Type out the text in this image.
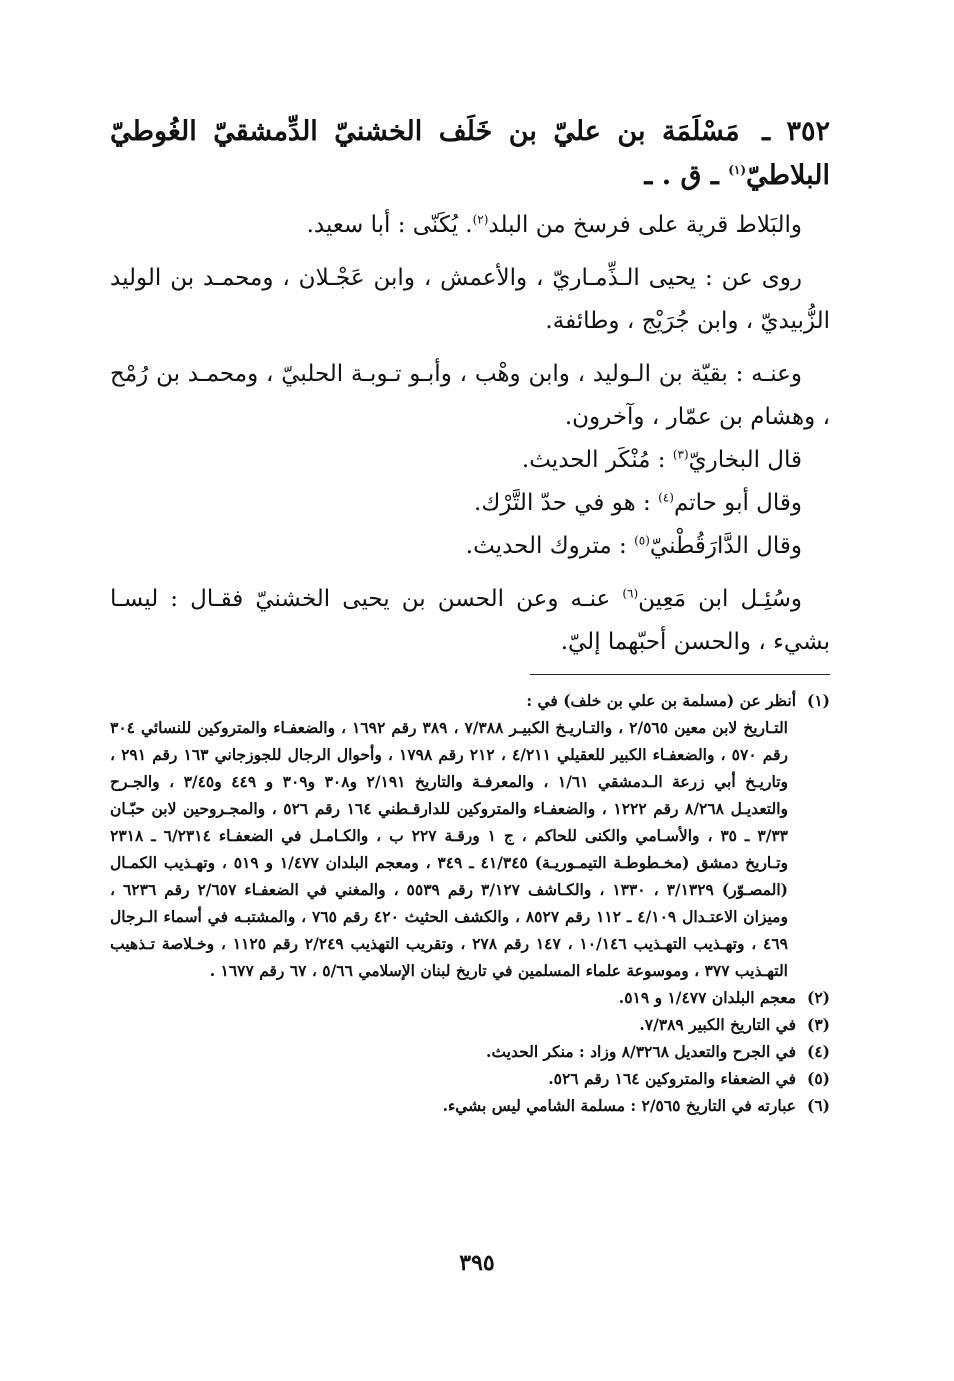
٣٥٢ ـ مَسْلَمَة بن عليّ بن خَلَف الخشنيّ الدِّمشقيّ الغُوطيّ البلاطيّ$^{(١)}$ ـ ق . ـ
والبَلاط قرية على فرسخ من البلد$^{(٢)}$. يُكَنّى : أبا سعيد.
روى عن : يحيى الـذِّمـاريّ ، والأعمش ، وابن عَجْـلان ، ومحمـد بن الوليد الزُّبيديّ ، وابن جُرَيْج ، وطائفة.
وعنـه : بقيّة بن الـوليد ، وابن وهْب ، وأبـو تـوبـة الحلبيّ ، ومحمـد بن رُمْح ، وهشام بن عمّار ، وآخرون.
قال البخاريّ$^{(٣)}$ : مُنْكَر الحديث.
وقال أبو حاتم$^{(٤)}$ : هو في حدّ التَّرْك.
وقال الدَّارَقُطْنيّ$^{(٥)}$ : متروك الحديث.
وسُئِـل ابن مَعِين$^{(٦)}$ عنـه وعن الحسن بن يحيى الخشنيّ فقـال : ليسـا بشيء ، والحسن أحبّهما إليّ.
(١)
أنظر عن (مسلمة بن علي بن خلف) في :
التـاريخ لابن معين ٢/٥٦٥ ، والتـاريـخ الكبيـر ٧/٣٨٨ ، ٣٨٩ رقم ١٦٩٢ ، والضعفـاء والمتروكين للنسائي ٣٠٤ رقم ٥٧٠ ، والضعفـاء الكبير للعقيلي ٤/٢١١ ، ٢١٢ رقم ١٧٩٨ ، وأحوال الرجال للجوزجاني ١٦٣ رقم ٢٩١ ، وتاريـخ أبي زرعة الـدمشقي ١/٦١ ، والمعرفـة والتاريخ ٢/١٩١ و٣٠٨ و٣٠٩ و ٤٤٩ و٣/٤٥ ، والجـرح والتعديـل ٨/٢٦٨ رقم ١٢٢٢ ، والضعفـاء والمتروكين للدارقـطني ١٦٤ رقم ٥٢٦ ، والمجـروحين لابن حبّـان ٣/٣٣ ـ ٣٥ ، والأسـامي والكنى للحاكم ، ج ١ ورقـة ٢٢٧ ب ، والكـامـل في الضعفـاء ٦/٢٣١٤ ـ ٢٣١٨ وتـاريخ دمشق (مخـطوطـة التيمـوريـة) ٤١/٣٤٥ ـ ٣٤٩ ، ومعجم البلدان ١/٤٧٧ و ٥١٩ ، وتهـذيب الكمـال (المصـوّر) ٣/١٣٢٩ ، ١٣٣٠ ، والكـاشف ٣/١٢٧ رقم ٥٥٣٩ ، والمغني في الضعفـاء ٢/٦٥٧ رقم ٦٢٣٦ ، وميزان الاعتـدال ٤/١٠٩ ـ ١١٢ رقم ٨٥٢٧ ، والكشف الحثيث ٤٢٠ رقم ٧٦٥ ، والمشتبـه في أسماء الـرجال ٤٦٩ ، وتهـذيب التهـذيب ١٠/١٤٦ ، ١٤٧ رقم ٢٧٨ ، وتقريب التهذيب ٢/٢٤٩ رقم ١١٢٥ ، وخـلاصة تـذهيب التهـذيب ٣٧٧ ، وموسوعة علماء المسلمين في تاريخ لبنان الإسلامي ٥/٦٦ ، ٦٧ رقم ١٦٧٧ .
(٢)
معجم البلدان ١/٤٧٧ و ٥١٩.
(٣)
في التاريخ الكبير ٧/٣٨٩.
(٤)
في الجرح والتعديل ٨/٣٢٦٨ وزاد : منكر الحديث.
(٥)
في الضعفاء والمتروكين ١٦٤ رقم ٥٢٦.
(٦)
عبارته في التاريخ ٢/٥٦٥ : مسلمة الشامي ليس بشيء.
٣٩٥
